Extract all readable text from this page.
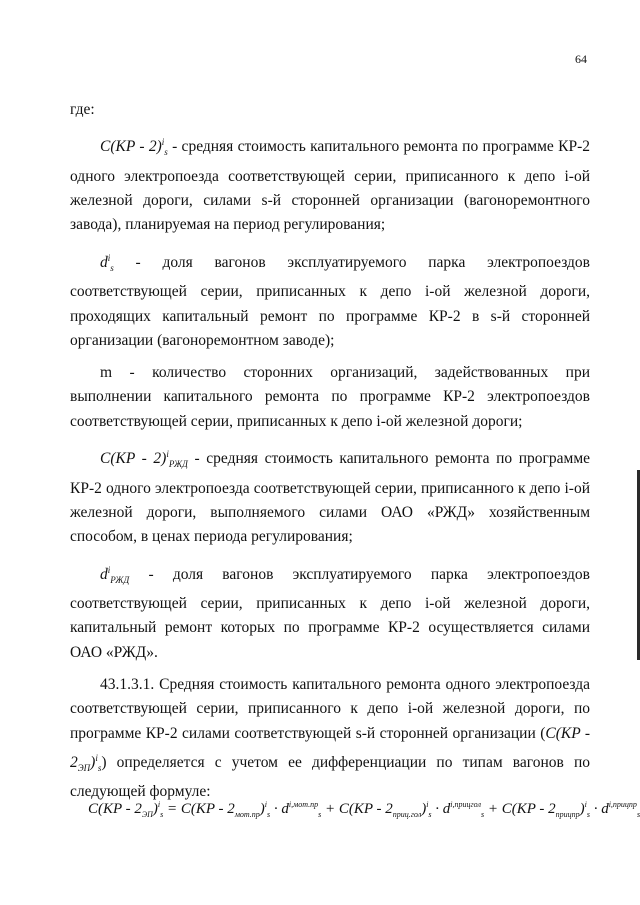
64

где:

C(KP - 2)$^i_s$ - средняя стоимость капитального ремонта по программе КР-2 одного электропоезда соответствующей серии, приписанного к депо i-ой железной дороги, силами s-й сторонней организации (вагоноремонтного завода), планируемая на период регулирования;

$d^i_s$ - доля вагонов эксплуатируемого парка электропоездов соответствующей серии, приписанных к депо i-ой железной дороги, проходящих капитальный ремонт по программе КР-2 в s-й сторонней организации (вагоноремонтном заводе);

m - количество сторонних организаций, задействованных при выполнении капитального ремонта по программе КР-2 электропоездов соответствующей серии, приписанных к депо i-ой железной дороги;

C(KP - 2)$^i_{РЖД}$ - средняя стоимость капитального ремонта по программе КР-2 одного электропоезда соответствующей серии, приписанного к депо i-ой железной дороги, выполняемого силами ОАО «РЖД» хозяйственным способом, в ценах периода регулирования;

$d^i_{РЖД}$ - доля вагонов эксплуатируемого парка электропоездов соответствующей серии, приписанных к депо i-ой железной дороги, капитальный ремонт которых по программе КР-2 осуществляется силами ОАО «РЖД».

43.1.3.1. Средняя стоимость капитального ремонта одного электропоезда соответствующей серии, приписанного к депо i-ой железной дороги, по программе КР-2 силами соответствующей s-й сторонней организации $(C(KP - 2_{ЭП})^i_s)$ определяется с учетом ее дифференциации по типам вагонов по следующей формуле:

$C(KP - 2_{ЭП})^i_s = C(KP - 2_{мот.пр})^i_s \cdot d^{i,мот.пр}_s + C(KP - 2_{приц.гол})^i_s \cdot d^{i,прицгол}_s + C(KP - 2_{прицпр})^i_s \cdot d^{i,прицпр}_s$
